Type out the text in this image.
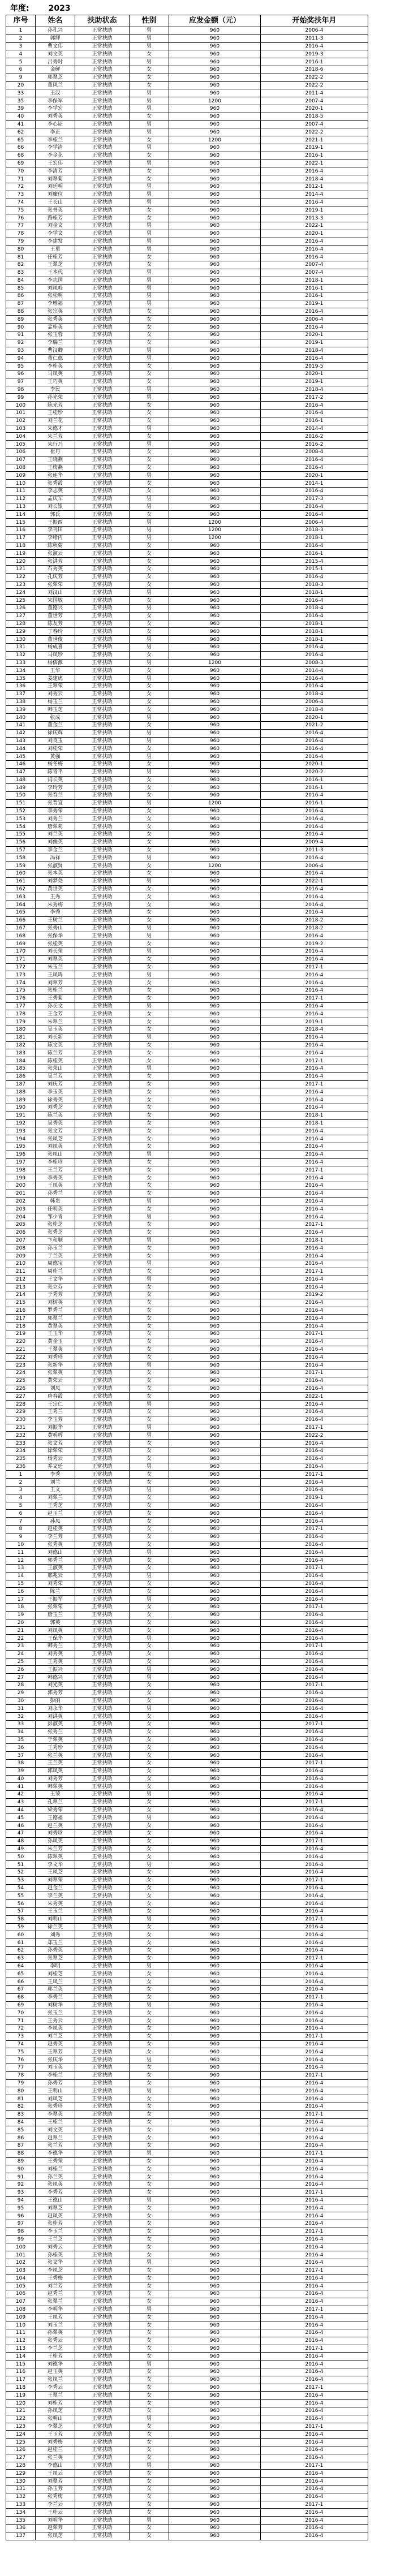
年度: 2023
序号	姓名	扶助状态	性别	应发金额（元）	开始奖扶年月
1	孙孔兴	正常扶助	男	960	2006-4
2	郭辉	正常扶助	男	960	2011-3
3	曹文伟	正常扶助	男	960	2016-4
4	刘文英	正常扶助	女	960	2019-3
5	吕秀时	正常扶助	男	960	2016-1
6	金鲜	正常扶助	女	960	2018-6
9	郭翠芝	正常扶助	女	960	2022-2
20	董风兰	正常扶助	女	960	2022-2
33	王汉	正常扶助	男	960	2011-4
35	李保军	正常扶助	男	1200	2007-4
39	李学宏	正常扶助	男	960	2020-1
40	刘秀英	正常扶助	女	960	2018-5
41	李心证	正常扶助	男	960	2007-4
62	李正	正常扶助	男	960	2022-2
65	李桂兰	正常扶助	女	1200	2021-1
66	李学清	正常扶助	男	960	2019-1
68	李金花	正常扶助	女	960	2016-1
69	王宏伟	正常扶助	男	960	2022-1
70	李清芳	正常扶助	女	960	2016-4
71	刘翠菊	正常扶助	女	960	2018-4
72	刘廷明	正常扶助	男	960	2012-1
73	刘廉位	正常扶助	男	960	2014-4
74	王长山	正常扶助	男	960	2016-4
75	张书英	正常扶助	女	960	2019-1
76	路桂芳	正常扶助	女	960	2013-3
77	刘金文	正常扶助	男	960	2022-1
78	李学文	正常扶助	男	960	2020-1
79	李建发	正常扶助	男	960	2016-4
80	王勇	正常扶助	男	960	2016-4
81	任桂芳	正常扶助	女	960	2016-4
82	王翠芝	正常扶助	女	960	2007-4
83	王本代	正常扶助	男	960	2007-4
84	李志国	正常扶助	男	960	2018-1
85	刘凤岭	正常扶助	男	960	2016-1
86	张松明	正常扶助	男	960	2016-1
87	李增福	正常扶助	男	960	2019-1
88	张宗英	正常扶助	女	960	2016-4
89	张秀英	正常扶助	女	960	2006-4
90	孟桂英	正常扶助	女	960	2016-4
91	张玉蓉	正常扶助	女	960	2020-1
92	李瑞兰	正常扶助	女	960	2019-1
93	曹汉卿	正常扶助	男	960	2018-4
94	董仁德	正常扶助	男	960	2016-4
95	李桂英	正常扶助	女	960	2019-5
96	马凤英	正常扶助	女	960	2020-1
97	王巧英	正常扶助	女	960	2019-1
98	李民	正常扶助	男	960	2018-4
99	孙光荣	正常扶助	男	960	2017-2
100	陈光芳	正常扶助	女	960	2016-4
101	王桂珍	正常扶助	女	960	2016-4
102	刘兰花	正常扶助	女	960	2016-1
103	朱德才	正常扶助	男	960	2014-4
104	朱兰芳	正常扶助	女	960	2016-2
105	朱行乃	正常扶助	男	960	2016-2
106	崔丹	正常扶助	女	960	2008-4
107	王晓燕	正常扶助	女	960	2016-4
108	王梅燕	正常扶助	女	960	2016-4
109	张连华	正常扶助	男	960	2020-1
110	张秀霞	正常扶助	女	960	2014-1
111	李志英	正常扶助	女	960	2016-4
112	孟庆军	正常扶助	男	960	2017-3
113	刘长银	正常扶助	男	960	2016-4
114	郭氏	正常扶助	女	960	2016-4
115	王振西	正常扶助	男	1200	2006-4
116	李刊田	正常扶助	男	1200	2018-3
117	李绪丙	正常扶助	男	1200	2018-1
118	陈秋菊	正常扶助	女	960	2016-4
119	张淑云	正常扶助	女	960	2016-1
120	张洪芳	正常扶助	女	960	2015-4
121	石秀英	正常扶助	女	960	2015-1
122	孔庆芳	正常扶助	女	960	2016-4
123	张翠荣	正常扶助	女	960	2018-3
124	刘汉山	正常扶助	男	960	2018-1
125	宋国敏	正常扶助	女	960	2016-4
126	董德兴	正常扶助	男	960	2018-4
127	董世芳	正常扶助	女	960	2016-4
128	陈友芳	正常扶助	女	960	2018-1
129	丁春玲	正常扶助	女	960	2018-1
130	董世俊	正常扶助	男	960	2018-1
131	杨成喜	正常扶助	男	960	2016-4
132	马凤珍	正常扶助	女	960	2016-4
133	杨儒源	正常扶助	男	1200	2008-3
134	王华	正常扶助	女	960	2014-4
135	姜建虎	正常扶助	男	960	2016-4
136	王翠荣	正常扶助	女	960	2016-4
137	刘秀云	正常扶助	女	960	2018-4
138	杨玉兰	正常扶助	女	960	2006-4
139	韩玉芝	正常扶助	女	960	2018-4
140	张成	正常扶助	男	960	2020-1
141	董金兰	正常扶助	女	960	2021-2
142	徐庆辉	正常扶助	男	960	2016-4
143	刘良玉	正常扶助	男	960	2016-4
144	刘桂荣	正常扶助	女	960	2016-4
145	黄强	正常扶助	男	960	2016-4
146	杨冬梅	正常扶助	女	960	2020-1
147	陈青平	正常扶助	男	960	2020-2
148	闫长英	正常扶助	女	960	2016-1
149	李玲芳	正常扶助	女	960	2016-1
150	张春兰	正常扶助	女	960	2016-4
151	张晋宜	正常扶助	男	1200	2016-1
152	李秀荣	正常扶助	女	960	2016-4
153	刘秀兰	正常扶助	女	960	2016-4
154	唐翠莉	正常扶助	女	960	2016-4
155	刘兰英	正常扶助	女	960	2016-4
156	刘俊英	正常扶助	女	960	2009-4
157	李金兰	正常扶助	女	960	2011-3
158	冯祥	正常扶助	男	960	2016-4
159	张淑贤	正常扶助	女	1200	2006-4
160	张本英	正常扶助	女	960	2016-4
161	刘梦尧	正常扶助	男	960	2022-1
162	黄世英	正常扶助	女	960	2016-4
163	王秀	正常扶助	女	960	2016-4
164	朱秀梅	正常扶助	女	960	2016-4
165	李秀	正常扶助	女	960	2016-4
166	王树兰	正常扶助	女	960	2018-2
167	张秀山	正常扶助	男	960	2018-2
168	张保华	正常扶助	男	960	2016-4
169	张桂英	正常扶助	女	960	2019-2
170	刘长荣	正常扶助	男	960	2016-4
171	刘翠英	正常扶助	女	960	2016-4
172	朱玉兰	正常扶助	女	960	2017-1
173	王凤鸣	正常扶助	男	960	2016-4
174	刘翠芳	正常扶助	女	960	2016-4
175	张桂兰	正常扶助	女	960	2016-4
176	王秀菊	正常扶助	女	960	2017-1
177	孙长文	正常扶助	男	960	2016-4
178	王金芳	正常扶助	女	960	2016-4
179	朱翠兰	正常扶助	女	960	2019-1
180	吴玉英	正常扶助	女	960	2018-4
181	刘长新	正常扶助	男	960	2016-4
182	陈文英	正常扶助	女	960	2016-4
183	陈兰芳	正常扶助	女	960	2016-4
184	陈桂英	正常扶助	女	960	2017-1
185	张荣山	正常扶助	男	960	2016-4
186	吴兰芳	正常扶助	女	960	2016-4
187	刘庆芳	正常扶助	女	960	2017-1
188	李玉英	正常扶助	女	960	2016-4
189	徐秀英	正常扶助	女	960	2016-4
190	刘秀芝	正常扶助	女	960	2016-4
191	陈兰英	正常扶助	女	960	2018-1
192	吴秀英	正常扶助	女	960	2018-1
193	张文芳	正常扶助	女	960	2016-4
194	张凤芝	正常扶助	女	960	2016-4
195	刘凤英	正常扶助	女	960	2016-4
196	张凤山	正常扶助	男	960	2016-4
197	李桂珍	正常扶助	女	960	2016-4
198	王兰芳	正常扶助	女	960	2017-1
199	李秀英	正常扶助	女	960	2016-4
200	王凤英	正常扶助	女	960	2016-4
201	孙秀兰	正常扶助	女	960	2016-4
202	韩贵	正常扶助	男	960	2016-4
203	任明英	正常扶助	女	960	2016-4
204	邹少青	正常扶助	男	960	2016-4
205	张桂芝	正常扶助	女	960	2017-1
206	张秀芝	正常扶助	女	960	2016-4
207	卞和顺	正常扶助	男	960	2018-1
208	孙玉兰	正常扶助	女	960	2016-4
209	于兰英	正常扶助	女	960	2016-4
210	周德宝	正常扶助	男	960	2016-4
211	周桂兰	正常扶助	女	960	2017-1
212	王文华	正常扶助	男	960	2016-4
213	张立芬	正常扶助	女	960	2016-4
214	于秀芳	正常扶助	女	960	2019-2
215	刘树英	正常扶助	女	960	2016-4
216	罗秀兰	正常扶助	女	960	2016-4
217	郭翠兰	正常扶助	女	960	2016-4
218	黄翠英	正常扶助	女	960	2016-4
219	王玉华	正常扶助	女	960	2017-1
220	黄金玉	正常扶助	女	960	2016-4
221	王翠英	正常扶助	女	960	2016-4
222	刘秀珍	正常扶助	女	960	2016-4
223	张新华	正常扶助	男	960	2016-4
224	张翠英	正常扶助	女	960	2017-1
225	黄荣云	正常扶助	女	960	2016-4
226	刘凤	正常扶助	女	960	2016-4
227	唐春霞	正常扶助	女	960	2022-1
228	王宗仁	正常扶助	男	960	2016-4
229	王秀兰	正常扶助	女	960	2016-4
230	李玉芳	正常扶助	女	960	2016-4
231	刘振华	正常扶助	男	960	2017-1
232	黄明辉	正常扶助	男	960	2022-2
233	张文芳	正常扶助	女	960	2016-4
234	徐翠荣	正常扶助	女	960	2016-4
235	杨秀云	正常扶助	女	960	2016-4
236	乔文廷	正常扶助	男	960	2016-4
1	李秀	正常扶助	女	960	2017-1
2	刘兰	正常扶助	女	960	2016-4
3	王文	正常扶助	男	960	2016-4
4	刘翠兰	正常扶助	女	960	2019-1
5	王秀芝	正常扶助	女	960	2016-4
6	赵玉兰	正常扶助	女	960	2016-4
7	孙凤	正常扶助	女	960	2016-4
8	赵桂英	正常扶助	女	960	2017-1
9	李兰芳	正常扶助	女	960	2016-4
10	张秀英	正常扶助	女	960	2016-4
11	刘德山	正常扶助	男	960	2016-4
12	郭秀兰	正常扶助	女	960	2016-4
13	王淑英	正常扶助	女	960	2017-1
14	邢兆云	正常扶助	男	960	2016-4
15	刘秀荣	正常扶助	女	960	2016-4
16	陈兰	正常扶助	女	960	2016-4
17	王振军	正常扶助	男	960	2016-4
18	张翠荣	正常扶助	女	960	2017-1
19	唐玉兰	正常扶助	女	960	2016-4
20	郭英	正常扶助	女	960	2016-4
21	刘凤英	正常扶助	女	960	2016-4
22	王保华	正常扶助	男	960	2016-4
23	韩秀兰	正常扶助	女	960	2017-1
24	刘秀英	正常扶助	女	960	2016-4
25	王秀英	正常扶助	女	960	2016-4
26	王振兴	正常扶助	男	960	2016-4
27	韩德兴	正常扶助	男	960	2016-4
28	刘光英	正常扶助	女	960	2017-1
29	郭秀芳	正常扶助	女	960	2016-4
30	彭丽	正常扶助	女	960	2016-4
31	刘永华	正常扶助	男	960	2016-4
32	刘洪英	正常扶助	女	960	2016-4
33	彭淑英	正常扶助	女	960	2017-1
34	张秀兰	正常扶助	女	960	2016-4
35	于翠英	正常扶助	女	960	2016-4
36	王秀珍	正常扶助	女	960	2016-4
37	张兰英	正常扶助	女	960	2016-4
38	王兰英	正常扶助	女	960	2017-1
39	郭凤英	正常扶助	女	960	2016-4
40	刘秀芳	正常扶助	女	960	2016-4
41	韩翠英	正常扶助	女	960	2016-4
42	王荣	正常扶助	男	960	2016-4
43	孔翠兰	正常扶助	女	960	2017-1
44	梁秀荣	正常扶助	女	960	2016-4
45	王德福	正常扶助	男	960	2016-4
46	赵兰英	正常扶助	女	960	2016-4
47	刘秀珍	正常扶助	女	960	2016-4
48	孙凤英	正常扶助	女	960	2017-1
49	朱兰芳	正常扶助	女	960	2016-4
50	陈翠英	正常扶助	女	960	2016-4
51	李文华	正常扶助	男	960	2016-4
52	王凤芝	正常扶助	女	960	2016-4
53	刘翠荣	正常扶助	女	960	2017-1
54	赵金兰	正常扶助	女	960	2016-4
55	李兰英	正常扶助	女	960	2016-4
56	朱秀英	正常扶助	女	960	2016-4
57	王玉兰	正常扶助	女	960	2016-4
58	刘明山	正常扶助	男	960	2017-1
59	徐兰英	正常扶助	女	960	2016-4
60	刘秀	正常扶助	女	960	2016-4
61	郑玉兰	正常扶助	女	960	2016-4
62	孙秀英	正常扶助	女	960	2016-4
63	张翠芝	正常扶助	女	960	2017-1
64	李明	正常扶助	男	960	2016-4
65	刘桂芝	正常扶助	女	960	2016-4
66	王凤兰	正常扶助	女	960	2016-4
67	郭兰英	正常扶助	女	960	2016-4
68	李秀兰	正常扶助	女	960	2017-1
69	刘树华	正常扶助	男	960	2016-4
70	张玉兰	正常扶助	女	960	2016-4
71	王秀云	正常扶助	女	960	2016-4
72	李凤英	正常扶助	女	960	2016-4
73	刘兰芝	正常扶助	女	960	2017-1
74	赵秀英	正常扶助	女	960	2016-4
75	王翠芳	正常扶助	女	960	2016-4
76	张庆华	正常扶助	男	960	2016-4
77	刘玉英	正常扶助	女	960	2016-4
78	李桂兰	正常扶助	女	960	2017-1
79	孙秀芳	正常扶助	女	960	2016-4
80	王明山	正常扶助	男	960	2016-4
81	刘凤芝	正常扶助	女	960	2016-4
82	张秀珍	正常扶助	女	960	2016-4
83	李翠英	正常扶助	女	960	2017-1
84	王桂兰	正常扶助	女	960	2016-4
85	刘文英	正常扶助	女	960	2016-4
86	赵翠兰	正常扶助	女	960	2016-4
87	张兰芳	正常扶助	女	960	2016-4
88	李德华	正常扶助	男	960	2017-1
89	王秀荣	正常扶助	女	960	2016-4
90	刘桂兰	正常扶助	女	960	2016-4
91	孙兰英	正常扶助	女	960	2016-4
92	张凤英	正常扶助	女	960	2016-4
93	李秀芳	正常扶助	女	960	2017-1
94	王德山	正常扶助	男	960	2016-4
95	刘翠芝	正常扶助	女	960	2016-4
96	赵凤英	正常扶助	女	960	2016-4
97	张桂芳	正常扶助	女	960	2016-4
98	李玉兰	正常扶助	女	960	2017-1
99	王兰芝	正常扶助	女	960	2016-4
100	刘秀云	正常扶助	女	960	2016-4
101	孙桂英	正常扶助	女	960	2016-4
102	张文华	正常扶助	男	960	2016-4
103	李凤芝	正常扶助	女	960	2017-1
104	王秀梅	正常扶助	女	960	2016-4
105	刘兰芳	正常扶助	女	960	2016-4
106	赵秀兰	正常扶助	女	960	2016-4
107	张翠兰	正常扶助	女	960	2016-4
108	李明华	正常扶助	男	960	2017-1
109	王凤芳	正常扶助	女	960	2016-4
110	刘玉兰	正常扶助	女	960	2016-4
111	孙翠英	正常扶助	女	960	2016-4
112	张秀云	正常扶助	女	960	2016-4
113	李兰芝	正常扶助	女	960	2017-1
114	王桂芳	正常扶助	女	960	2016-4
115	刘德华	正常扶助	男	960	2016-4
116	赵玉英	正常扶助	女	960	2016-4
117	张凤兰	正常扶助	女	960	2016-4
118	李秀云	正常扶助	女	960	2017-1
119	王翠兰	正常扶助	女	960	2016-4
120	刘桂芳	正常扶助	女	960	2016-4
121	孙凤芝	正常扶助	女	960	2016-4
122	张明山	正常扶助	男	960	2016-4
123	李翠芝	正常扶助	女	960	2017-1
124	王玉芳	正常扶助	女	960	2016-4
125	刘秀梅	正常扶助	女	960	2016-4
126	赵桂兰	正常扶助	女	960	2016-4
127	张兰英	正常扶助	女	960	2016-4
128	李德山	正常扶助	男	960	2017-1
129	王凤云	正常扶助	女	960	2016-4
130	刘翠芳	正常扶助	女	960	2016-4
131	孙玉芳	正常扶助	女	960	2016-4
132	张秀梅	正常扶助	女	960	2016-4
133	李兰云	正常扶助	女	960	2017-1
134	王桂云	正常扶助	女	960	2016-4
135	刘明华	正常扶助	男	960	2016-4
136	赵翠芳	正常扶助	女	960	2016-4
137	张凤芝	正常扶助	女	960	2016-4
